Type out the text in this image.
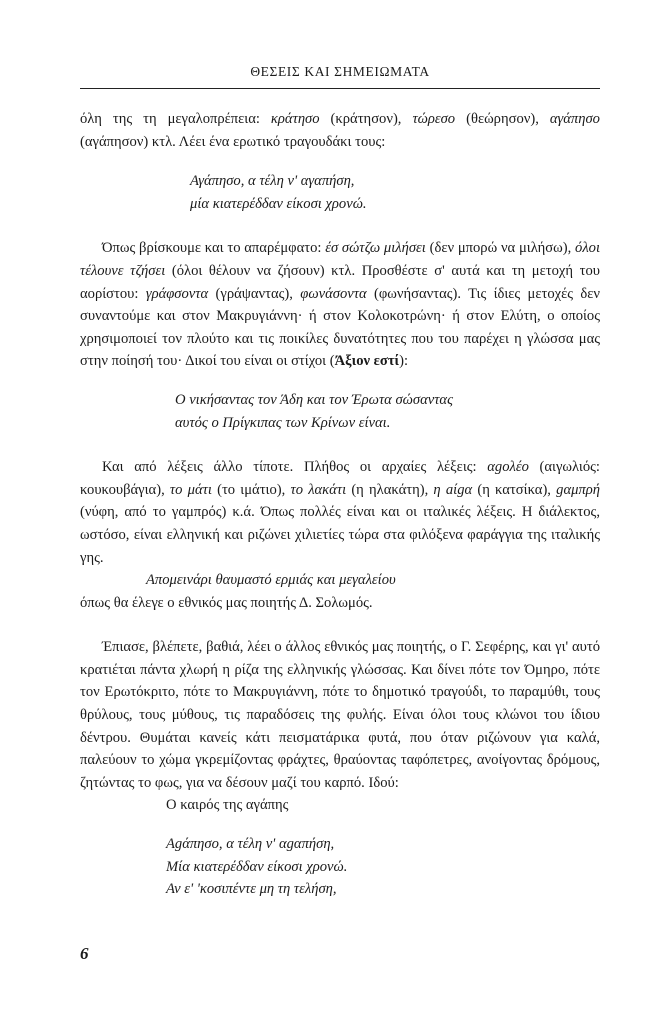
ΘΕΣΕΙΣ ΚΑΙ ΣΗΜΕΙΩΜΑΤΑ

όλη της τη μεγαλοπρέπεια: κράτησο (κράτησον), τώρεσο (θεώρησον), αγάπησο (αγάπησον) κτλ. Λέει ένα ερωτικό τραγουδάκι τους:

Αγάπησο, α τέλη ν' αγαπήση,
μία κιατερέδδαν είκοσι χρονώ.

Όπως βρίσκουμε και το απαρέμφατο: έσ σώτζω μιλήσει (δεν μπορώ να μιλήσω), όλοι τέλουνε τζήσει (όλοι θέλουν να ζήσουν) κτλ. Προσθέστε σ' αυτά και τη μετοχή του αορίστου: γράφσοντα (γράψαντας), φωνάσοντα (φωνήσαντας). Τις ίδιες μετοχές δεν συναντούμε και στον Μακρυγιάννη· ή στον Κολοκοτρώνη· ή στον Ελύτη, ο οποίος χρησιμοποιεί τον πλούτο και τις ποικίλες δυνατότητες που του παρέχει η γλώσσα μας στην ποίησή του· Δικοί του είναι οι στίχοι (Άξιον εστί):

Ο νικήσαντας τον Άδη και τον Έρωτα σώσαντας
αυτός ο Πρίγκιπας των Κρίνων είναι.

Και από λέξεις άλλο τίποτε. Πλήθος οι αρχαίες λέξεις: αgολέο (αιγωλιός: κουκουβάγια), το μάτι (το ιμάτιο), το λακάτι (η ηλακάτη), η aίgα (η κατσίκα), gαμπρή (νύφη, από το γαμπρός) κ.ά. Όπως πολλές είναι και οι ιταλικές λέξεις. Η διάλεκτος, ωστόσο, είναι ελληνική και ριζώνει χιλιετίες τώρα στα φιλόξενα φαράγγια της ιταλικής γης.

Απομεινάρι θαυμαστό ερμιάς και μεγαλείου

όπως θα έλεγε ο εθνικός μας ποιητής Δ. Σολωμός.

Έπιασε, βλέπετε, βαθιά, λέει ο άλλος εθνικός μας ποιητής, ο Γ. Σεφέρης, και γι' αυτό κρατιέται πάντα χλωρή η ρίζα της ελληνικής γλώσσας. Και δίνει πότε τον Όμηρο, πότε τον Ερωτόκριτο, πότε το Μακρυγιάννη, πότε το δημοτικό τραγούδι, το παραμύθι, τους θρύλους, τους μύθους, τις παραδόσεις της φυλής. Είναι όλοι τους κλώνοι του ίδιου δέντρου. Θυμάται κανείς κάτι πεισματάρικα φυτά, που όταν ριζώνουν για καλά, παλεύουν το χώμα γκρεμίζοντας φράχτες, θραύοντας ταφόπετρες, ανοίγοντας δρόμους, ζητώντας το φως, για να δέσουν μαζί του καρπό. Ιδού:

Ο καιρός της αγάπης

Αgάπησο, α τέλη ν' αgαπήση,
Μία κιατερέδδαν είκοσι χρονώ.
Αν ε' 'κοσιπέντε μη τη τελήση,
6
